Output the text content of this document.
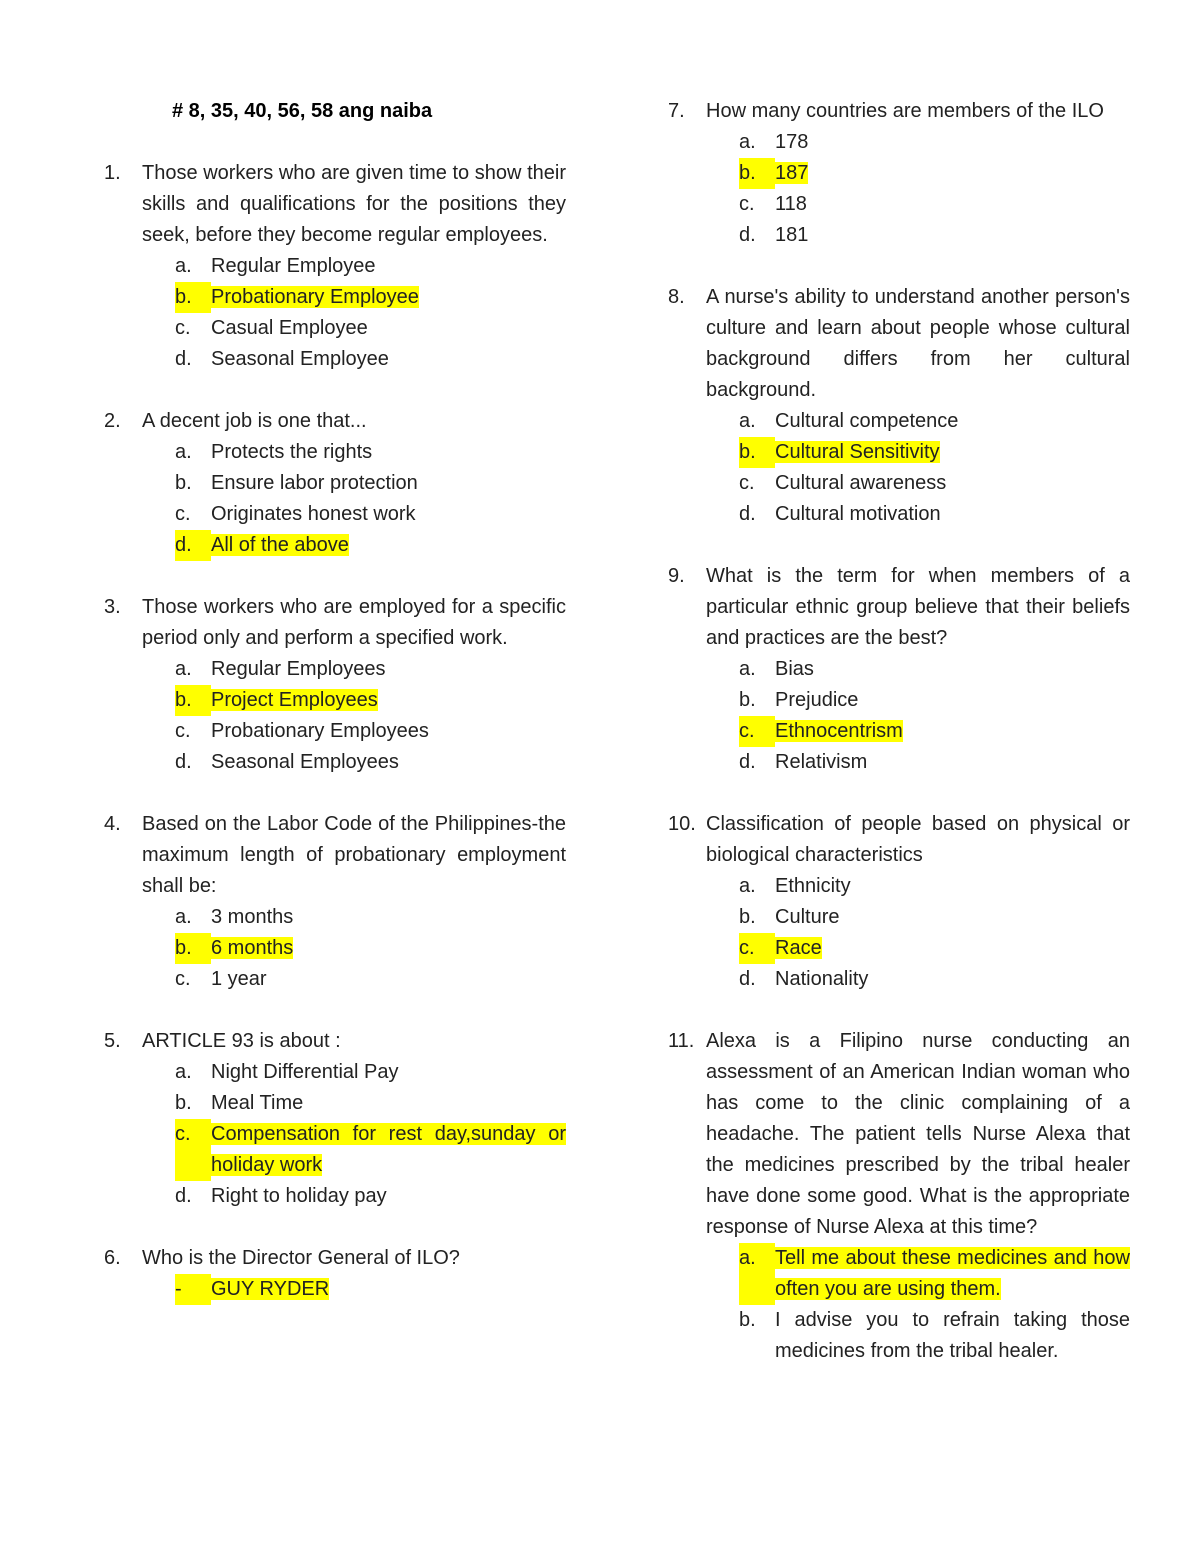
# 8, 35, 40, 56, 58 ang naiba
1.	Those workers who are given time to show their skills and qualifications for the positions they seek, before they become regular employees.
a. Regular Employee
b. Probationary Employee
c.	Casual Employee
d. Seasonal Employee
2.	A decent job is one that...
a. Protects the rights
b. Ensure labor protection
c.	Originates honest work
d. All of the above
3.	Those workers who are employed for a specific period only and perform a specified work.
a. Regular Employees
b. Project Employees
c.	Probationary Employees
d. Seasonal Employees
4.	Based on the Labor Code of the Philippines-the maximum length of probationary employment shall be:
a. 3 months
b. 6 months
c.	1 year
5.	ARTICLE 93 is about :
a. Night Differential Pay
b. Meal Time
c.	Compensation for rest day,sunday or holiday work
d. Right to holiday pay
6.	Who is the Director General of ILO?
-	GUY RYDER
7.	How many countries are members of the ILO
a. 178
b. 187
c.	118
d. 181
8.	A nurse's ability to understand another person's culture and learn about people whose cultural background differs from her cultural background.
a. Cultural competence
b. Cultural Sensitivity
c.	Cultural awareness
d. Cultural motivation
9.	What is the term for when members of a particular ethnic group believe that their beliefs and practices are the best?
a. Bias
b. Prejudice
c.	Ethnocentrism
d. Relativism
10. Classification of people based on physical or biological characteristics
a. Ethnicity
b. Culture
c.	Race
d. Nationality
11. Alexa is a Filipino nurse conducting an assessment of an American Indian woman who has come to the clinic complaining of a headache. The patient tells Nurse Alexa that the medicines prescribed by the tribal healer have done some good. What is the appropriate response of Nurse Alexa at this time?
a. Tell me about these medicines and how often you are using them.
b. I advise you to refrain taking those medicines from the tribal healer.
